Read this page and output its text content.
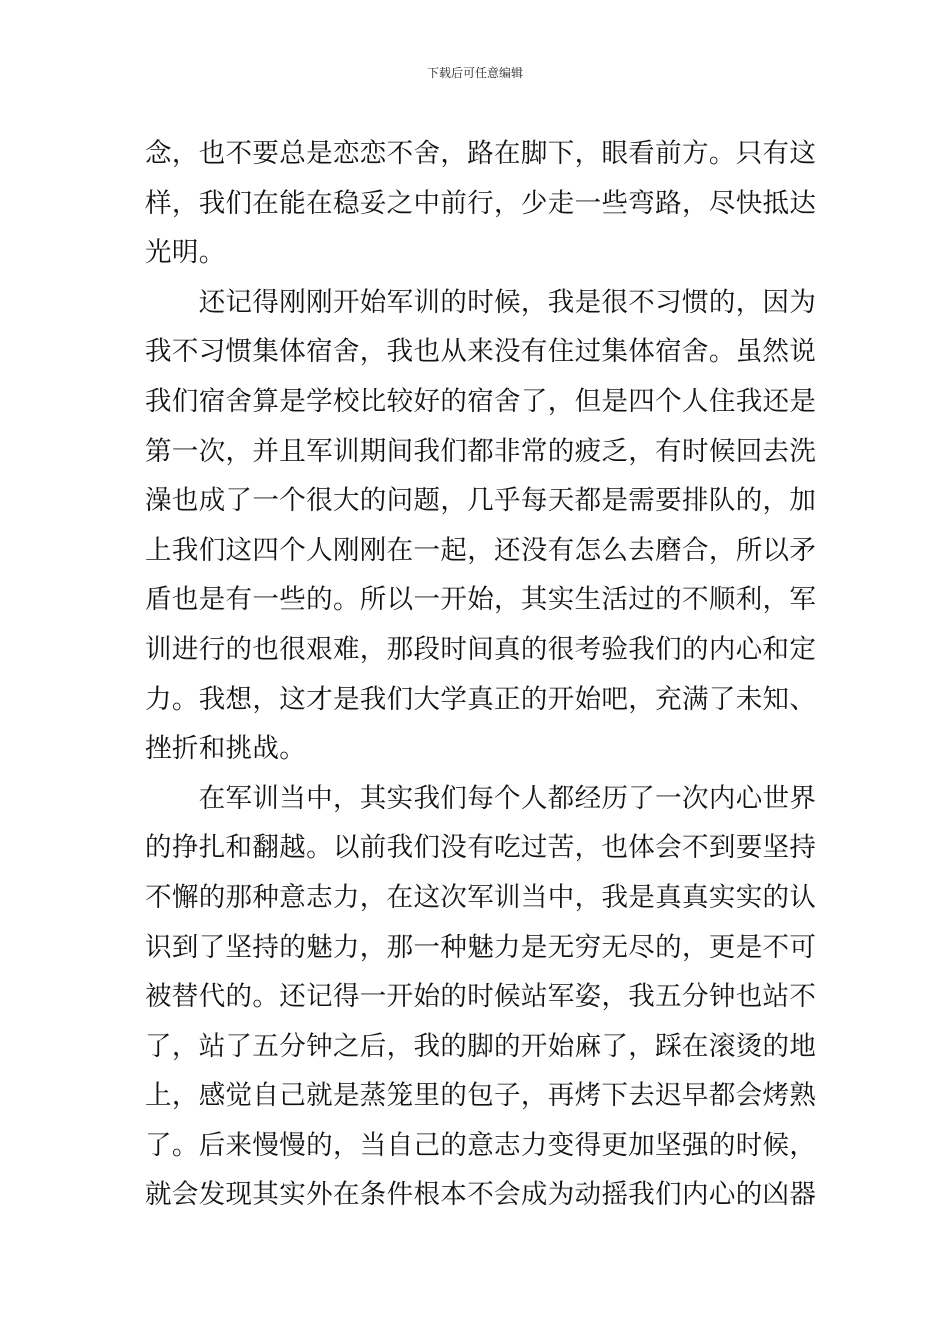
下载后可任意编辑

念，也不要总是恋恋不舍，路在脚下，眼看前方。只有这
样，我们在能在稳妥之中前行，少走一些弯路，尽快抵达
光明。

　　还记得刚刚开始军训的时候，我是很不习惯的，因为
我不习惯集体宿舍，我也从来没有住过集体宿舍。虽然说
我们宿舍算是学校比较好的宿舍了，但是四个人住我还是
第一次，并且军训期间我们都非常的疲乏，有时候回去洗
澡也成了一个很大的问题，几乎每天都是需要排队的，加
上我们这四个人刚刚在一起，还没有怎么去磨合，所以矛
盾也是有一些的。所以一开始，其实生活过的不顺利，军
训进行的也很艰难，那段时间真的很考验我们的内心和定
力。我想，这才是我们大学真正的开始吧，充满了未知、
挫折和挑战。

　　在军训当中，其实我们每个人都经历了一次内心世界
的挣扎和翻越。以前我们没有吃过苦，也体会不到要坚持
不懈的那种意志力，在这次军训当中，我是真真实实的认
识到了坚持的魅力，那一种魅力是无穷无尽的，更是不可
被替代的。还记得一开始的时候站军姿，我五分钟也站不
了，站了五分钟之后，我的脚的开始麻了，踩在滚烫的地
上，感觉自己就是蒸笼里的包子，再烤下去迟早都会烤熟
了。后来慢慢的，当自己的意志力变得更加坚强的时候，
就会发现其实外在条件根本不会成为动摇我们内心的凶器
